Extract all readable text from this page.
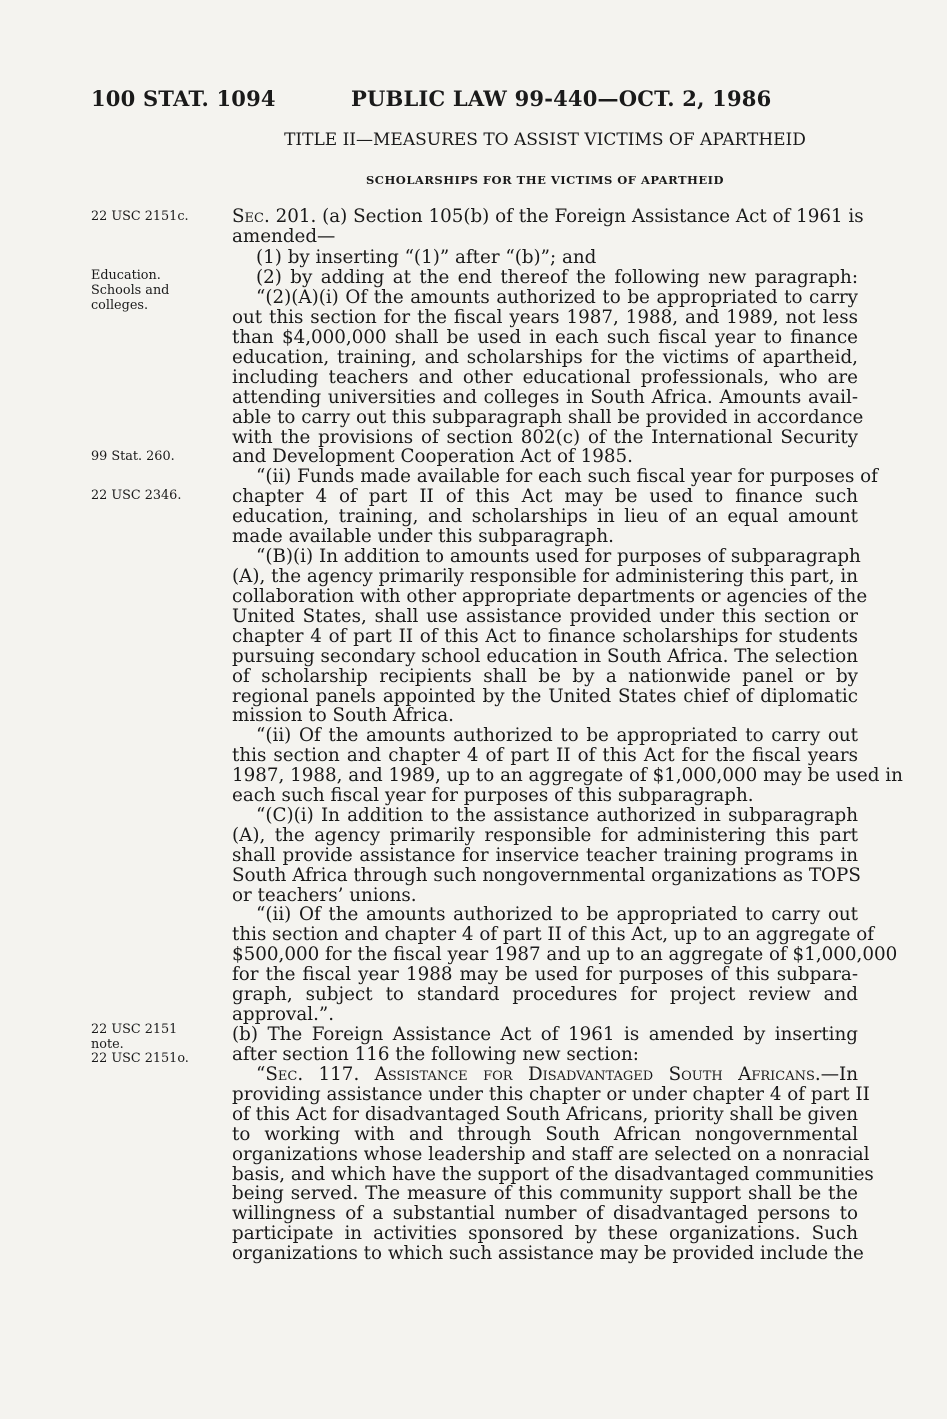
100 STAT. 1094	PUBLIC LAW 99-440—OCT. 2, 1986
TITLE II—MEASURES TO ASSIST VICTIMS OF APARTHEID
SCHOLARSHIPS FOR THE VICTIMS OF APARTHEID
22 USC 2151c.
Education.
Schools and
colleges.
99 Stat. 260.
22 USC 2346.
22 USC 2151
note.
22 USC 2151o.
Sec. 201. (a) Section 105(b) of the Foreign Assistance Act of 1961 is
amended—
(1) by inserting “(1)” after “(b)”; and
(2) by adding at the end thereof the following new paragraph:
“(2)(A)(i) Of the amounts authorized to be appropriated to carry
out this section for the fiscal years 1987, 1988, and 1989, not less
than $4,000,000 shall be used in each such fiscal year to finance
education, training, and scholarships for the victims of apartheid,
including teachers and other educational professionals, who are
attending universities and colleges in South Africa. Amounts avail-
able to carry out this subparagraph shall be provided in accordance
with the provisions of section 802(c) of the International Security
and Development Cooperation Act of 1985.
“(ii) Funds made available for each such fiscal year for purposes of
chapter 4 of part II of this Act may be used to finance such
education, training, and scholarships in lieu of an equal amount
made available under this subparagraph.
“(B)(i) In addition to amounts used for purposes of subparagraph
(A), the agency primarily responsible for administering this part, in
collaboration with other appropriate departments or agencies of the
United States, shall use assistance provided under this section or
chapter 4 of part II of this Act to finance scholarships for students
pursuing secondary school education in South Africa. The selection
of scholarship recipients shall be by a nationwide panel or by
regional panels appointed by the United States chief of diplomatic
mission to South Africa.
“(ii) Of the amounts authorized to be appropriated to carry out
this section and chapter 4 of part II of this Act for the fiscal years
1987, 1988, and 1989, up to an aggregate of $1,000,000 may be used in
each such fiscal year for purposes of this subparagraph.
“(C)(i) In addition to the assistance authorized in subparagraph
(A), the agency primarily responsible for administering this part
shall provide assistance for inservice teacher training programs in
South Africa through such nongovernmental organizations as TOPS
or teachers’ unions.
“(ii) Of the amounts authorized to be appropriated to carry out
this section and chapter 4 of part II of this Act, up to an aggregate of
$500,000 for the fiscal year 1987 and up to an aggregate of $1,000,000
for the fiscal year 1988 may be used for purposes of this subpara-
graph, subject to standard procedures for project review and
approval.”.
(b) The Foreign Assistance Act of 1961 is amended by inserting
after section 116 the following new section:
“Sec. 117. Assistance for Disadvantaged South Africans.—In
providing assistance under this chapter or under chapter 4 of part II
of this Act for disadvantaged South Africans, priority shall be given
to working with and through South African nongovernmental
organizations whose leadership and staff are selected on a nonracial
basis, and which have the support of the disadvantaged communities
being served. The measure of this community support shall be the
willingness of a substantial number of disadvantaged persons to
participate in activities sponsored by these organizations. Such
organizations to which such assistance may be provided include the
